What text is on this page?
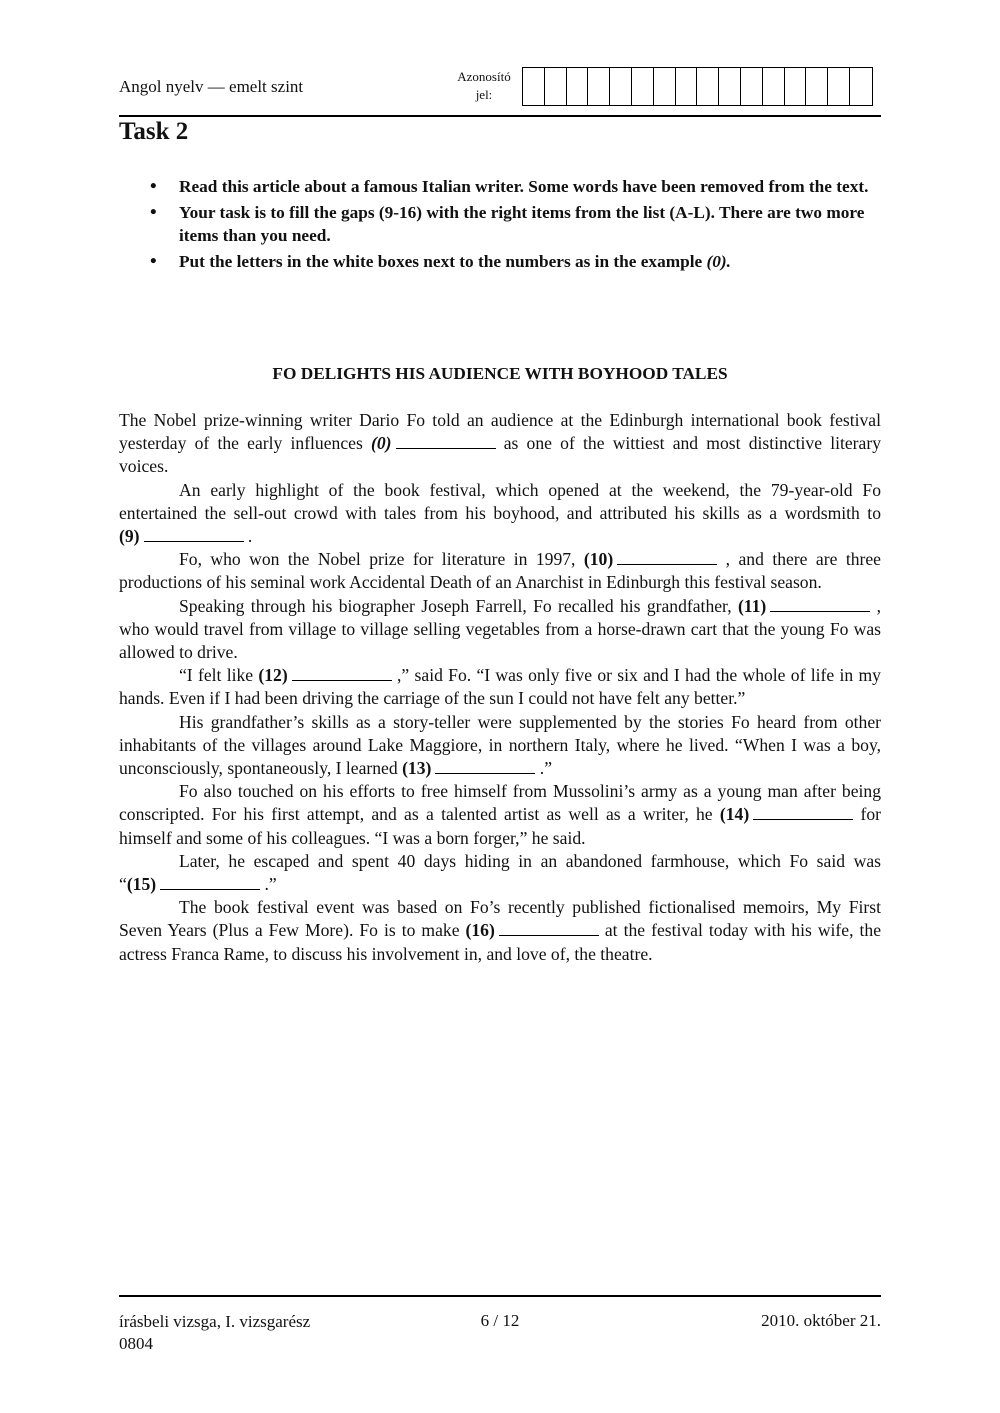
Angol nyelv — emelt szint
Azonosító
jel:
Task 2
• Read this article about a famous Italian writer. Some words have been removed from the text.
• Your task is to fill the gaps (9-16) with the right items from the list (A-L). There are two more items than you need.
• Put the letters in the white boxes next to the numbers as in the example (0).
FO DELIGHTS HIS AUDIENCE WITH BOYHOOD TALES

The Nobel prize-winning writer Dario Fo told an audience at the Edinburgh international book festival yesterday of the early influences (0)	as one of the wittiest and most distinctive literary voices.

An early highlight of the book festival, which opened at the weekend, the 79-year-old Fo entertained the sell-out crowd with tales from his boyhood, and attributed his skills as a wordsmith to (9)	.

Fo, who won the Nobel prize for literature in 1997, (10)	, and there are three productions of his seminal work Accidental Death of an Anarchist in Edinburgh this festival season.

Speaking through his biographer Joseph Farrell, Fo recalled his grandfather, (11)	, who would travel from village to village selling vegetables from a horse-drawn cart that the young Fo was allowed to drive.

“I felt like (12)	,” said Fo. “I was only five or six and I had the whole of life in my hands. Even if I had been driving the carriage of the sun I could not have felt any better.”

His grandfather’s skills as a story-teller were supplemented by the stories Fo heard from other inhabitants of the villages around Lake Maggiore, in northern Italy, where he lived. “When I was a boy, unconsciously, spontaneously, I learned (13)	.”

Fo also touched on his efforts to free himself from Mussolini’s army as a young man after being conscripted. For his first attempt, and as a talented artist as well as a writer, he (14)	for himself and some of his colleagues. “I was a born forger,” he said.

Later, he escaped and spent 40 days hiding in an abandoned farmhouse, which Fo said was “(15)	.”

The book festival event was based on Fo’s recently published fictionalised memoirs, My First Seven Years (Plus a Few More). Fo is to make (16)	at the festival today with his wife, the actress Franca Rame, to discuss his involvement in, and love of, the theatre.

írásbeli vizsga, I. vizsgarész
0804
6 / 12	2010. október 21.
